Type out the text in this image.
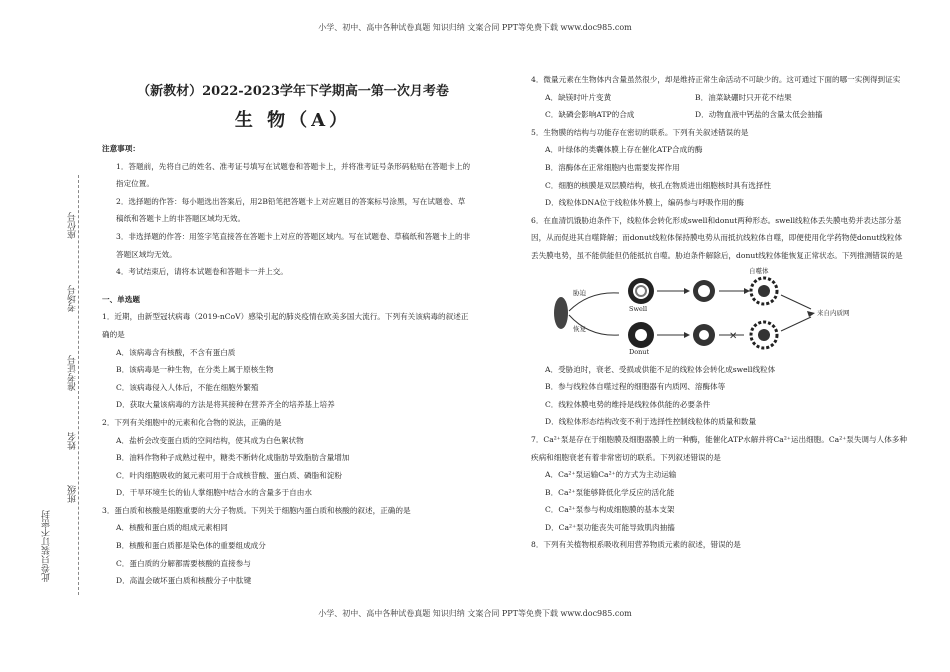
小学、初中、高中各种试卷真题 知识归纳 文案合同 PPT等免费下载 www.doc985.com
座位号
考场号
准考证号
姓名
班级
此卷只装订不密封
（新教材）2022-2023学年下学期高一第一次月考卷
生 物（A）

注意事项：

1．答题前，先将自己的姓名、准考证号填写在试题卷和答题卡上，并将准考证号条形码粘贴在答题卡上的指定位置。

2．选择题的作答：每小题选出答案后，用2B铅笔把答题卡上对应题目的答案标号涂黑，写在试题卷、草稿纸和答题卡上的非答题区域均无效。

3．非选择题的作答：用签字笔直接答在答题卡上对应的答题区域内。写在试题卷、草稿纸和答题卡上的非答题区域均无效。

4．考试结束后，请将本试题卷和答题卡一并上交。

一、单选题

1．近期，由新型冠状病毒（2019-nCoV）感染引起的肺炎疫情在欧美多国大流行。下列有关该病毒的叙述正确的是

A．该病毒含有核酸，不含有蛋白质

B．该病毒是一种生物，在分类上属于原核生物

C．该病毒侵入人体后，不能在细胞外繁殖

D．获取大量该病毒的方法是将其接种在营养齐全的培养基上培养

2．下列有关细胞中的元素和化合物的说法，正确的是

A．盐析会改变蛋白质的空间结构，使其成为白色絮状物

B．油料作物种子成熟过程中，糖类不断转化成脂肪导致脂肪含量增加

C．叶肉细胞吸收的氮元素可用于合成核苷酸、蛋白质、磷脂和淀粉

D．干旱环境生长的仙人掌细胞中结合水的含量多于自由水

3．蛋白质和核酸是细胞重要的大分子物质。下列关于细胞内蛋白质和核酸的叙述，正确的是

A．核酸和蛋白质的组成元素相同

B．核酸和蛋白质都是染色体的重要组成成分

C．蛋白质的分解都需要核酸的直接参与

D．高温会破坏蛋白质和核酸分子中肽键

4．微量元素在生物体内含量虽然很少，却是维持正常生命活动不可缺少的。这可通过下面的哪一实例得到证实

A．缺镁时叶片变黄	B．油菜缺硼时只开花不结果

C．缺磷会影响ATP的合成	D．动物血液中钙盐的含量太低会抽搐

5．生物膜的结构与功能存在密切的联系。下列有关叙述错误的是

A．叶绿体的类囊体膜上存在催化ATP合成的酶

B．溶酶体在正常细胞内也需要发挥作用

C．细胞的核膜是双层膜结构，核孔在物质进出细胞核时具有选择性

D．线粒体DNA位于线粒体外膜上，编码参与呼吸作用的酶

6．在血清饥饿胁迫条件下，线粒体会转化形成swell和donut两种形态。swell线粒体丢失膜电势并表达部分基因，从而促进其自噬降解；而donut线粒体保持膜电势从而抵抗线粒体自噬，即便使用化学药物使donut线粒体丢失膜电势，虽不能供能但仍能抵抗自噬。胁迫条件解除后，donut线粒体能恢复正常状态。下列推测错误的是

✕
胁迫
恢复
Swell
Donut
自噬体
来自内质网

A．受胁迫时，衰老、受损或供能不足的线粒体会转化成swell线粒体

B．参与线粒体自噬过程的细胞器有内质网、溶酶体等

C．线粒体膜电势的维持是线粒体供能的必要条件

D．线粒体形态结构改变不利于选择性控制线粒体的质量和数量

7．Ca²⁺泵是存在于细胞膜及细胞器膜上的一种酶，能催化ATP水解并将Ca²⁺运出细胞。Ca²⁺泵失调与人体多种疾病和细胞衰老有着非常密切的联系。下列叙述错误的是

A．Ca²⁺泵运输Ca²⁺的方式为主动运输

B．Ca²⁺泵能够降低化学反应的活化能

C．Ca²⁺泵参与构成细胞膜的基本支架

D．Ca²⁺泵功能丧失可能导致肌肉抽搐

8．下列有关植物根系吸收利用营养物质元素的叙述，错误的是

小学、初中、高中各种试卷真题 知识归纳 文案合同 PPT等免费下载 www.doc985.com
